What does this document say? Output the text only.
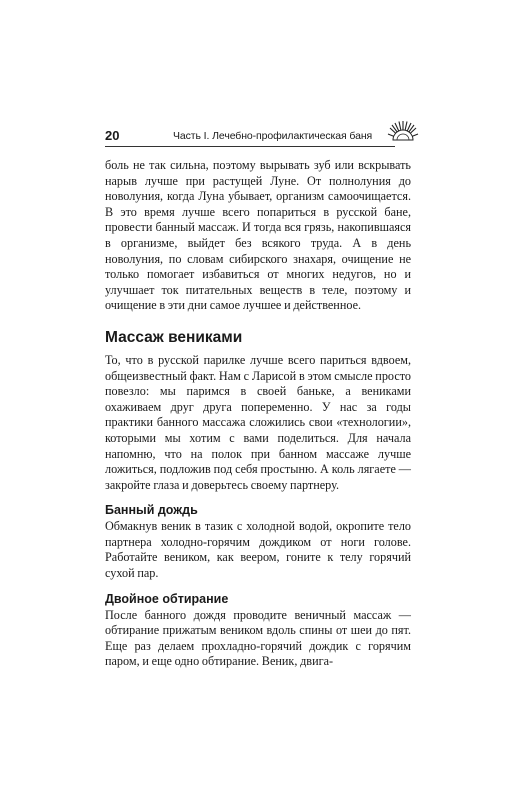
20	Часть I. Лечебно-профилактическая баня

боль не так сильна, поэтому вырывать зуб или вскрывать нарыв лучше при растущей Луне. От полнолуния до новолуния, когда Луна убывает, организм самоочищается. В это время лучше всего попариться в русской бане, провести банный массаж. И тогда вся грязь, накопившаяся в организме, выйдет без всякого труда. А в день новолуния, по словам сибирского знахаря, очищение не только помогает избавиться от многих недугов, но и улучшает ток питательных веществ в теле, поэтому и очищение в эти дни самое лучшее и действенное.

Массаж вениками

То, что в русской парилке лучше всего париться вдвоем, общеизвестный факт. Нам с Ларисой в этом смысле просто повезло: мы паримся в своей баньке, а вениками охаживаем друг друга попеременно. У нас за годы практики банного массажа сложились свои «технологии», которыми мы хотим с вами поделиться. Для начала напомню, что на полок при банном массаже лучше ложиться, подложив под себя простыню. А коль лягаете — закройте глаза и доверьтесь своему партнеру.

Банный дождь

Обмакнув веник в тазик с холодной водой, окропите тело партнера холодно-горячим дождиком от ноги голове. Работайте веником, как веером, гоните к телу горячий сухой пар.

Двойное обтирание

После банного дождя проводите веничный массаж — обтирание прижатым веником вдоль спины от шеи до пят. Еще раз делаем прохладно-горячий дождик с горячим паром, и еще одно обтирание. Веник, двига-
